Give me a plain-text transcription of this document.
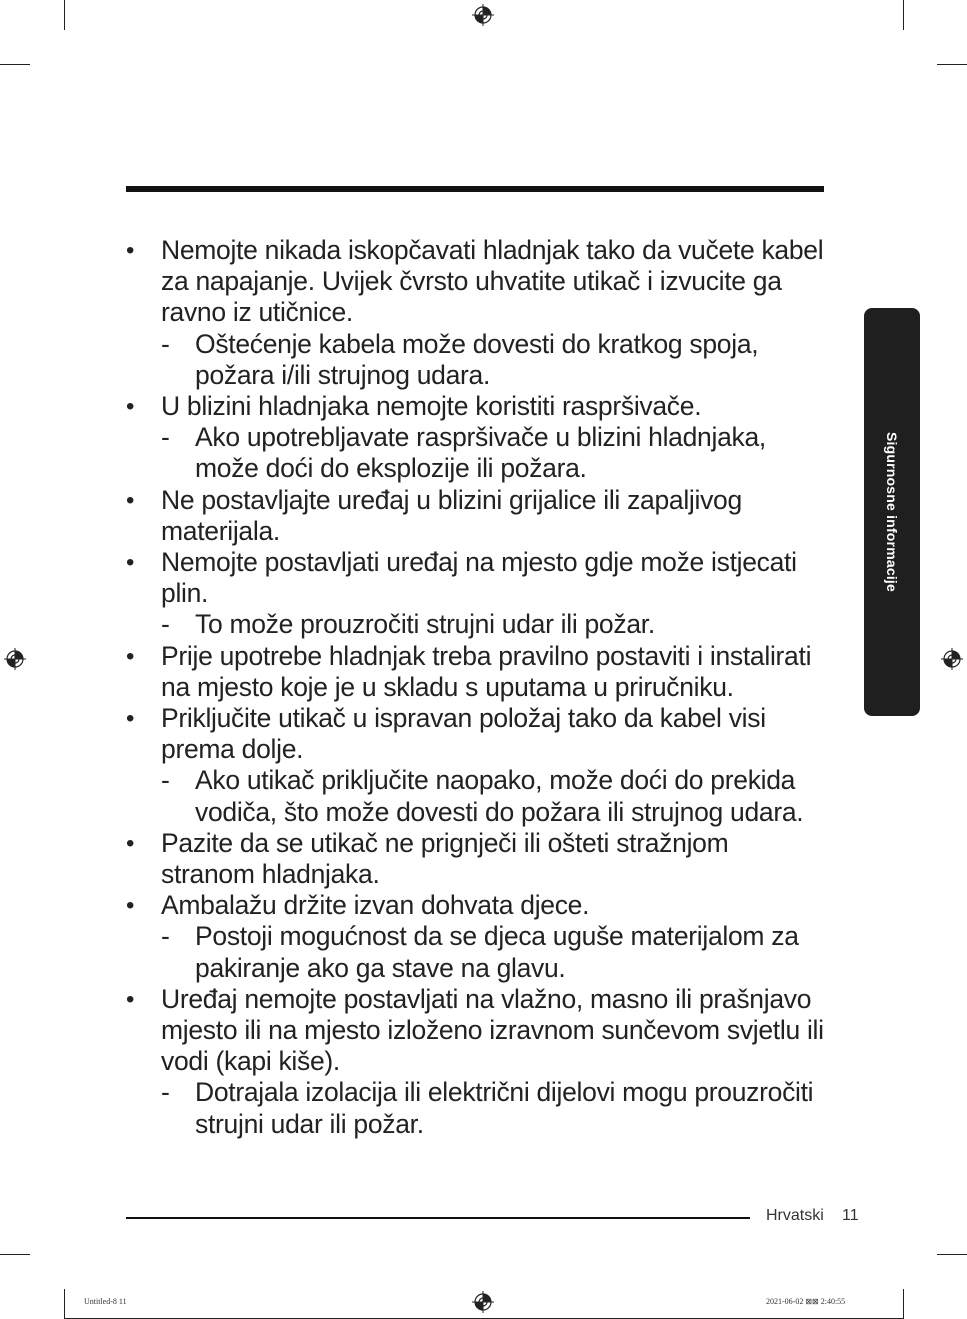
Sigurnosne informacije
• Nemojte nikada iskopčavati hladnjak tako da vučete kabel za napajanje. Uvijek čvrsto uhvatite utikač i izvucite ga ravno iz utičnice.
- Oštećenje kabela može dovesti do kratkog spoja, požara i/ili strujnog udara.
• U blizini hladnjaka nemojte koristiti raspršivače.
- Ako upotrebljavate raspršivače u blizini hladnjaka, može doći do eksplozije ili požara.
• Ne postavljajte uređaj u blizini grijalice ili zapaljivog materijala.
• Nemojte postavljati uređaj na mjesto gdje može istjecati plin.
- To može prouzročiti strujni udar ili požar.
• Prije upotrebe hladnjak treba pravilno postaviti i instalirati na mjesto koje je u skladu s uputama u priručniku.
• Priključite utikač u ispravan položaj tako da kabel visi prema dolje.
- Ako utikač priključite naopako, može doći do prekida vodiča, što može dovesti do požara ili strujnog udara.
• Pazite da se utikač ne prignječi ili ošteti stražnjom stranom hladnjaka.
• Ambalažu držite izvan dohvata djece.
- Postoji mogućnost da se djeca uguše materijalom za pakiranje ako ga stave na glavu.
• Uređaj nemojte postavljati na vlažno, masno ili prašnjavo mjesto ili na mjesto izloženo izravnom sunčevom svjetlu ili vodi (kapi kiše).
- Dotrajala izolacija ili električni dijelovi mogu prouzročiti strujni udar ili požar.
Hrvatski 11
Untitled-8 11	2021-06-02 ⊠⊠ 2:40:55
